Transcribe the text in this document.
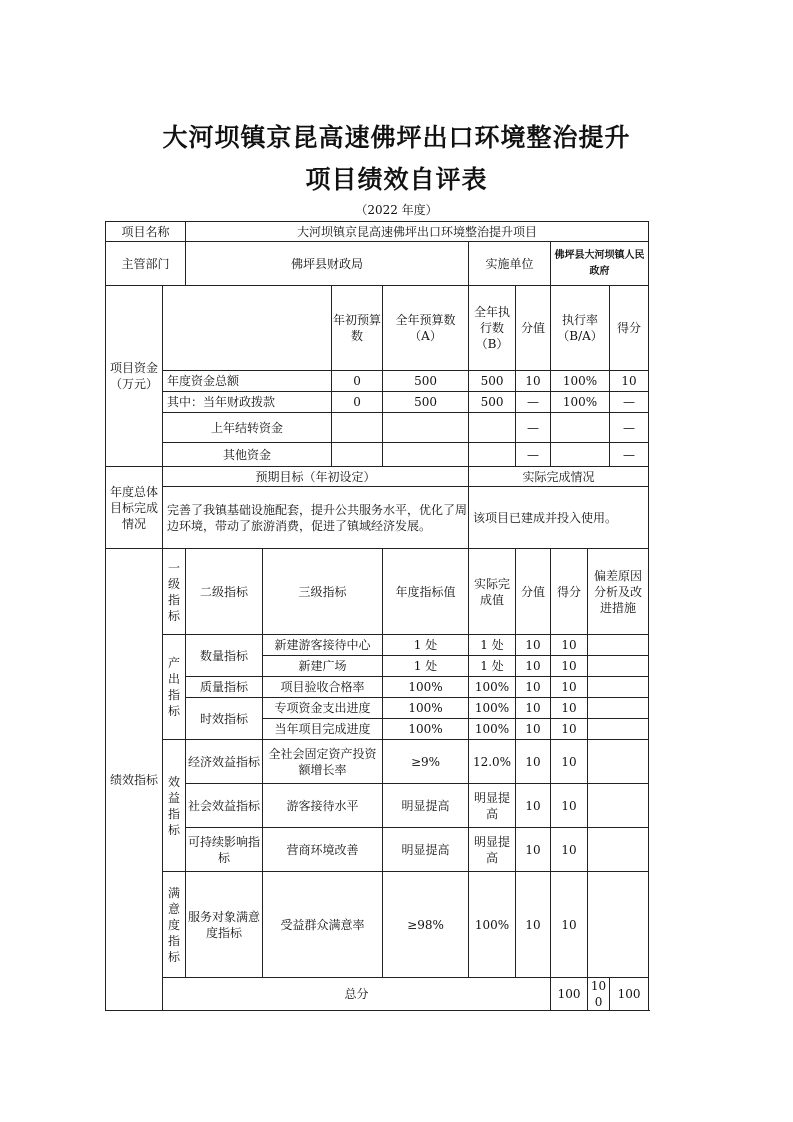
大河坝镇京昆高速佛坪出口环境整治提升
项目绩效自评表
（2022 年度）
项目名称		大河坝镇京昆高速佛坪出口环境整治提升项目								
主管部门		佛坪县财政局				实施单位		佛坪县大河坝镇人民政府		
项目资金（万元）				年初预算数	全年预算数（A）	全年执行数（B）	分值	执行率（B/A）		得分
	年度资金总额			0	500	500	10	100%		10
	其中：当年财政拨款			0	500	500	—	100%		—
	上年结转资金						—			—
	其他资金						—			—
年度总体目标完成情况	预期目标（年初设定）					实际完成情况				
	完善了我镇基础设施配套，提升公共服务水平，优化了周边环境，带动了旅游消费，促进了镇域经济发展。					该项目已建成并投入使用。				
绩效指标	一级指标	二级指标	三级指标		年度指标值	实际完成值	分值	得分	偏差原因分析及改进措施	
	产出指标	数量指标	新建游客接待中心		1 处	1 处	10	10		
			新建广场		1 处	1 处	10	10		
		质量指标	项目验收合格率		100%	100%	10	10		
		时效指标	专项资金支出进度		100%	100%	10	10		
			当年项目完成进度		100%	100%	10	10		
	效益指标	经济效益指标	全社会固定资产投资额增长率		≥9%	12.0%	10	10		
		社会效益指标	游客接待水平		明显提高	明显提高	10	10		
		可持续影响指标	营商环境改善		明显提高	明显提高	10	10		
	满意度指标	服务对象满意度指标	受益群众满意率		≥98%	100%	10	10		
	总分							100	100	100
